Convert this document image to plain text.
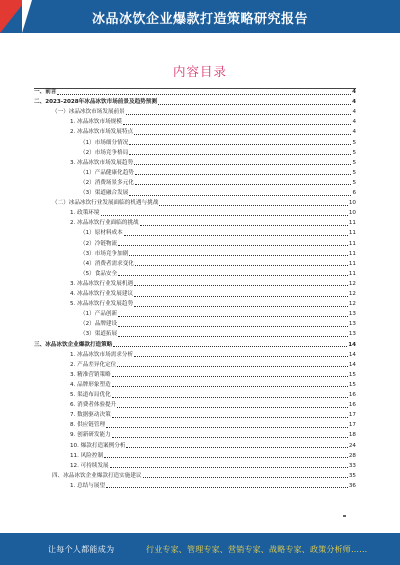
冰品冰饮企业爆款打造策略研究报告
内容目录
一、前言	4
二、2023-2028年冰品冰饮市场前景及趋势预测	4
（一）冰品冰饮市场发展前景	4
1. 冰品冰饮市场规模	4
2. 冰品冰饮市场发展特点	4
（1）市场细分情况	5
（2）市场竞争格局	5
3. 冰品冰饮市场发展趋势	5
（1）产品健康化趋势	5
（2）消费场景多元化	5
（3）渠道融合发展	6
（二）冰品冰饮行业发展面临的机遇与挑战	10
1. 政策环境	10
2. 冰品冰饮行业面临的挑战	11
（1）原材料成本	11
（2）冷链物流	11
（3）市场竞争加剧	11
（4）消费者需求变化	11
（5）食品安全	11
3. 冰品冰饮行业发展机遇	12
4. 冰品冰饮行业发展建议	12
5. 冰品冰饮行业发展趋势	12
（1）产品创新	13
（2）品牌建设	13
（3）渠道拓展	13
三、冰品冰饮企业爆款打造策略	14
1. 冰品冰饮市场需求分析	14
2. 产品差异化定位	14
3. 精准营销策略	15
4. 品牌形象塑造	15
5. 渠道布局优化	16
6. 消费者体验提升	16
7. 数据驱动决策	17
8. 供应链管理	17
9. 创新研发能力	18
10. 爆款打造案例分析	24
11. 风险控制	28
12. 可持续发展	33
四、冰品冰饮企业爆款打造实施建议	35
1. 总结与展望	36
让每个人都能成为	行业专家、管理专家、营销专家、战略专家、政策分析师……
